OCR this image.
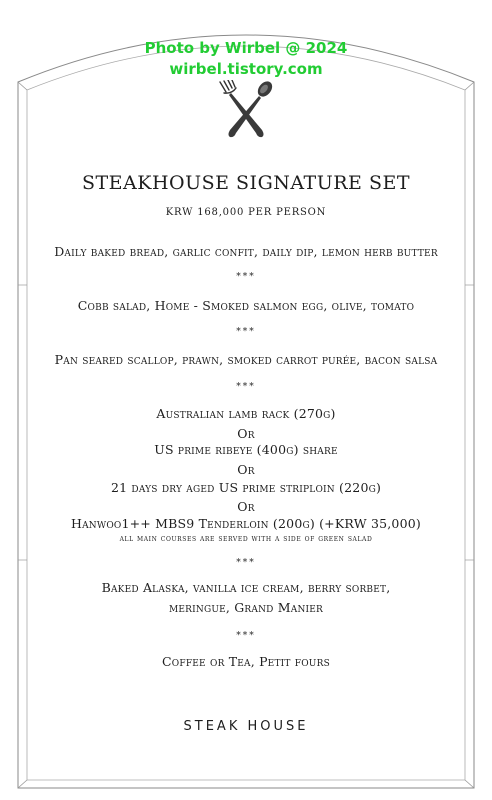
Photo by Wirbel @ 2024
wirbel.tistory.com
STEAKHOUSE SIGNATURE SET
KRW 168,000 PER PERSON
Daily baked bread, garlic confit, daily dip, lemon herb butter
***
Cobb salad, Home - Smoked salmon egg, olive, tomato
***
Pan seared scallop, prawn, smoked carrot purée, bacon salsa
***
Australian lamb rack (270g)
Or
US prime ribeye (400g) share
Or
21 days dry aged US prime striploin (220g)
Or
Hanwoo1++ MBS9 Tenderloin (200g) (+KRW 35,000)
all main courses are served with a side of green salad
***
Baked Alaska, vanilla ice cream, berry sorbet,
meringue, Grand Manier
***
Coffee or Tea, Petit fours
STEAK HOUSE
